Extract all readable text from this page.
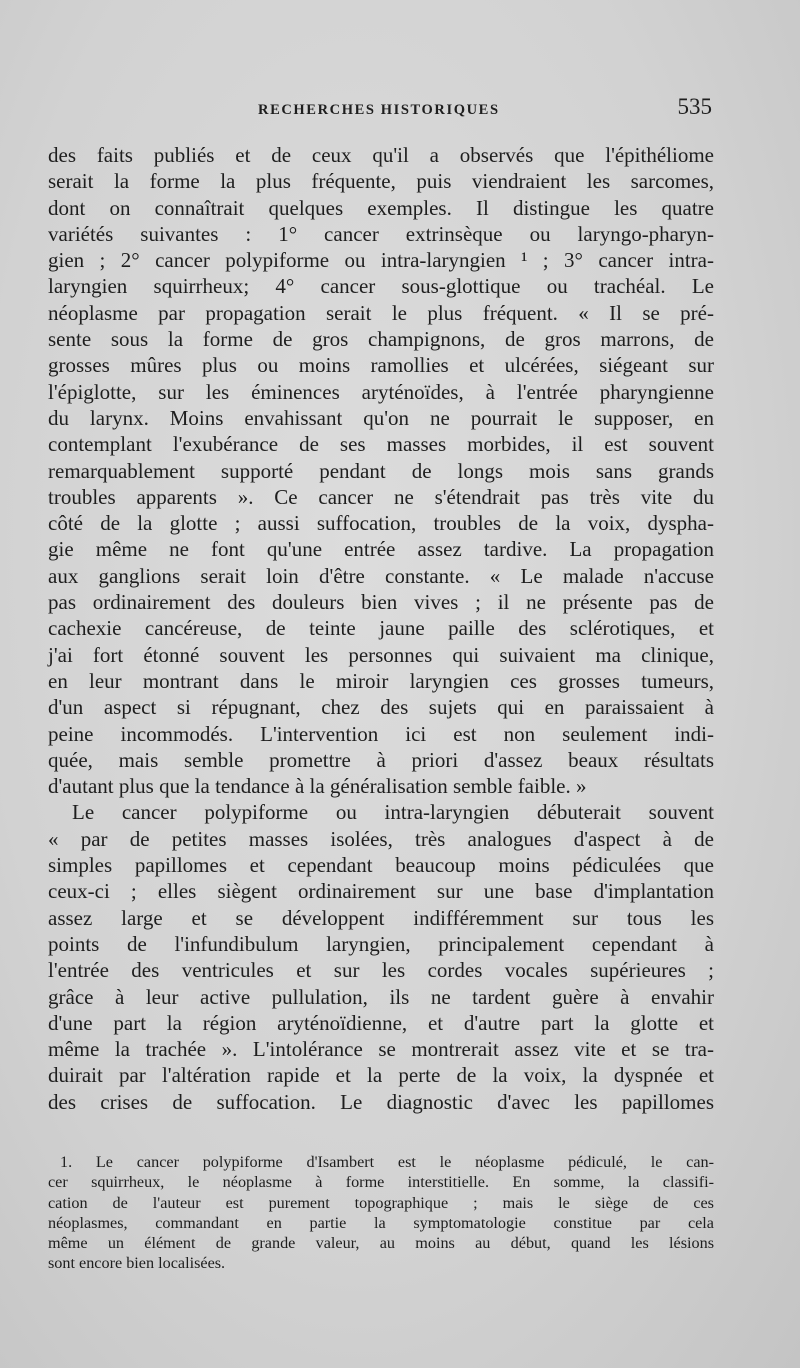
RECHERCHES HISTORIQUES	535
des faits publiés et de ceux qu'il a observés que l'épithéliome
serait la forme la plus fréquente, puis viendraient les sarcomes,
dont on connaîtrait quelques exemples. Il distingue les quatre
variétés suivantes : 1° cancer extrinsèque ou laryngo-pharyn-
gien ; 2° cancer polypiforme ou intra-laryngien ¹ ; 3° cancer intra-
laryngien squirrheux; 4° cancer sous-glottique ou trachéal. Le
néoplasme par propagation serait le plus fréquent. « Il se pré-
sente sous la forme de gros champignons, de gros marrons, de
grosses mûres plus ou moins ramollies et ulcérées, siégeant sur
l'épiglotte, sur les éminences aryténoïdes, à l'entrée pharyngienne
du larynx. Moins envahissant qu'on ne pourrait le supposer, en
contemplant l'exubérance de ses masses morbides, il est souvent
remarquablement supporté pendant de longs mois sans grands
troubles apparents ». Ce cancer ne s'étendrait pas très vite du
côté de la glotte ; aussi suffocation, troubles de la voix, dyspha-
gie même ne font qu'une entrée assez tardive. La propagation
aux ganglions serait loin d'être constante. « Le malade n'accuse
pas ordinairement des douleurs bien vives ; il ne présente pas de
cachexie cancéreuse, de teinte jaune paille des sclérotiques, et
j'ai fort étonné souvent les personnes qui suivaient ma clinique,
en leur montrant dans le miroir laryngien ces grosses tumeurs,
d'un aspect si répugnant, chez des sujets qui en paraissaient à
peine incommodés. L'intervention ici est non seulement indi-
quée, mais semble promettre à priori d'assez beaux résultats
d'autant plus que la tendance à la généralisation semble faible. »
Le cancer polypiforme ou intra-laryngien débuterait souvent
« par de petites masses isolées, très analogues d'aspect à de
simples papillomes et cependant beaucoup moins pédiculées que
ceux-ci ; elles siègent ordinairement sur une base d'implantation
assez large et se développent indifféremment sur tous les
points de l'infundibulum laryngien, principalement cependant à
l'entrée des ventricules et sur les cordes vocales supérieures ;
grâce à leur active pullulation, ils ne tardent guère à envahir
d'une part la région aryténoïdienne, et d'autre part la glotte et
même la trachée ». L'intolérance se montrerait assez vite et se tra-
duirait par l'altération rapide et la perte de la voix, la dyspnée et
des crises de suffocation. Le diagnostic d'avec les papillomes
1. Le cancer polypiforme d'Isambert est le néoplasme pédiculé, le can-
cer squirrheux, le néoplasme à forme interstitielle. En somme, la classifi-
cation de l'auteur est purement topographique ; mais le siège de ces
néoplasmes, commandant en partie la symptomatologie constitue par cela
même un élément de grande valeur, au moins au début, quand les lésions
sont encore bien localisées.
